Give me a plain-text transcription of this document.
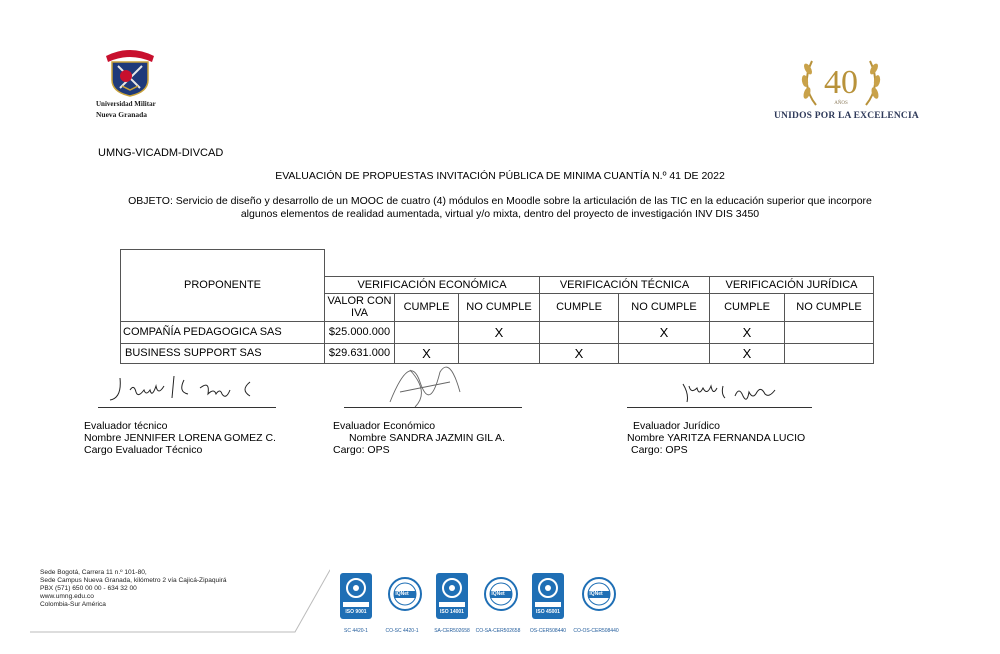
Universidad Militar
Nueva Granada
40
AÑOS
UNIDOS POR LA EXCELENCIA
UMNG-VICADM-DIVCAD
EVALUACIÓN DE PROPUESTAS INVITACIÓN PÚBLICA DE MINIMA CUANTÍA N.º 41 DE 2022
OBJETO: Servicio de diseño y desarrollo de un MOOC de cuatro (4) módulos en Moodle sobre la articulación de las TIC en la educación superior que incorpore algunos elementos de realidad aumentada, virtual y/o mixta, dentro del proyecto de investigación INV DIS 3450
PROPONENTE							
	VERIFICACIÓN ECONÓMICA			VERIFICACIÓN TÉCNICA		VERIFICACIÓN JURÍDICA	
	VALOR CON IVA	CUMPLE	NO CUMPLE	CUMPLE	NO CUMPLE	CUMPLE	NO CUMPLE
COMPAÑÍA PEDAGOGICA SAS	$25.000.000		X		X	X	
BUSINESS SUPPORT SAS	$29.631.000	X		X		X	
Evaluador técnico
Nombre JENNIFER LORENA GOMEZ C.
Cargo Evaluador Técnico
Evaluador Económico
Nombre SANDRA JAZMIN GIL A.
Cargo: OPS
Evaluador Jurídico
Nombre YARITZA FERNANDA LUCIO
Cargo: OPS
Sede Bogotá, Carrera 11 n.º 101-80,
Sede Campus Nueva Granada, kilómetro 2 vía Cajicá-Zipaquirá
PBX (571) 650 00 00 - 634 32 00
www.umng.edu.co
Colombia-Sur América
ISO 9001
SC 4420-1
IQNet
CO-SC 4420-1
ISO 14001
SA-CER502658
IQNet
CO-SA-CER502658
ISO 45001
OS-CER508440
IQNet
CO-OS-CER508440
